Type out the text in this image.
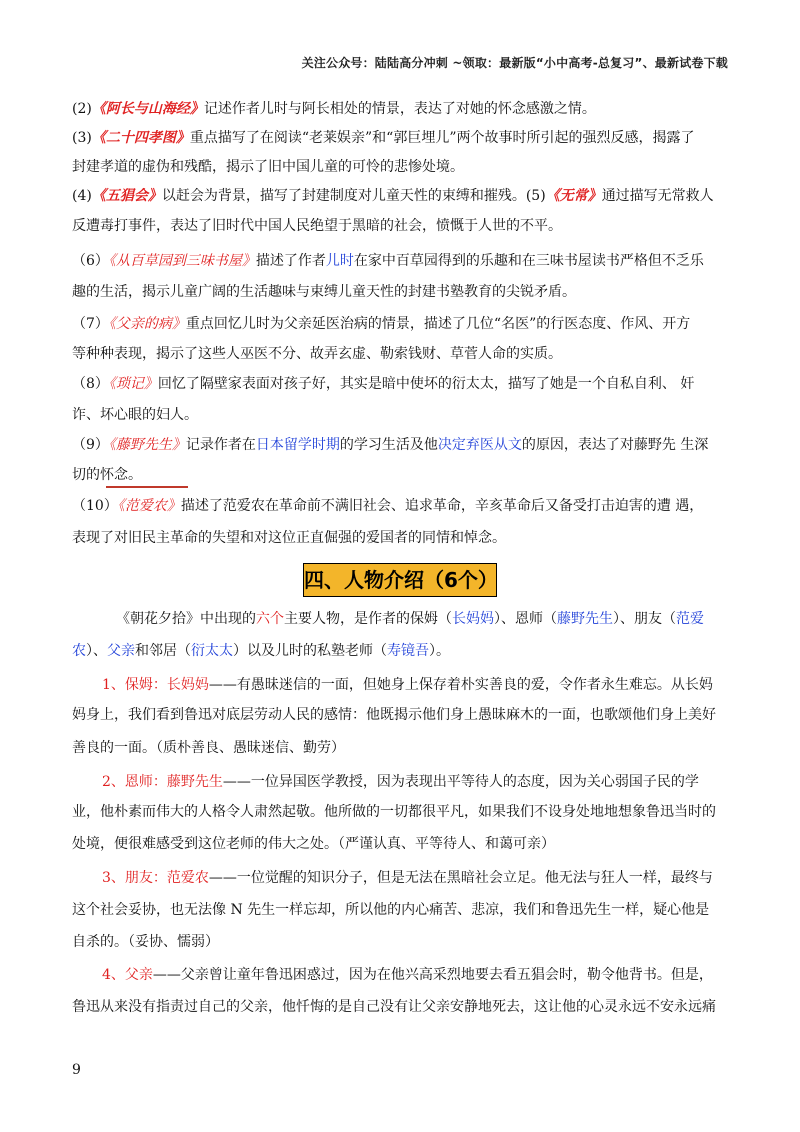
关注公众号：陆陆高分冲刺 ~领取：最新版“小中高考-总复习”、最新试卷下载
(2)《阿长与山海经》记述作者儿时与阿长相处的情景，表达了对她的怀念感激之情。
(3)《二十四孝图》重点描写了在阅读“老莱娱亲”和“郭巨埋儿”两个故事时所引起的强烈反感，揭露了
封建孝道的虚伪和残酷，揭示了旧中国儿童的可怜的悲惨处境。
(4)《五猖会》以赶会为背景，描写了封建制度对儿童天性的束缚和摧残。(5)《无常》通过描写无常救人
反遭毒打事件，表达了旧时代中国人民绝望于黑暗的社会，愤慨于人世的不平。
（6）《从百草园到三味书屋》描述了作者儿时在家中百草园得到的乐趣和在三味书屋读书严格但不乏乐
趣的生活，揭示儿童广阔的生活趣味与束缚儿童天性的封建书塾教育的尖锐矛盾。
（7）《父亲的病》重点回忆儿时为父亲延医治病的情景，描述了几位“名医”的行医态度、作风、开方
等种种表现，揭示了这些人巫医不分、故弄玄虚、勒索钱财、草菅人命的实质。
（8）《琐记》回忆了隔壁家表面对孩子好，其实是暗中使坏的衍太太，描写了她是一个自私自利、 奸
诈、坏心眼的妇人。
（9）《藤野先生》记录作者在日本留学时期的学习生活及他决定弃医从文的原因，表达了对藤野先 生深
切的怀念。
（10）《范爱农》描述了范爱农在革命前不满旧社会、追求革命，辛亥革命后又备受打击迫害的遭 遇，
表现了对旧民主革命的失望和对这位正直倔强的爱国者的同情和悼念。
四、人物介绍（6个）
《朝花夕拾》中出现的六个主要人物，是作者的保姆（长妈妈）、恩师（藤野先生）、朋友（范爱
农）、父亲和邻居（衍太太）以及儿时的私塾老师（寿镜吾）。
1、保姆：长妈妈——有愚昧迷信的一面，但她身上保存着朴实善良的爱，令作者永生难忘。从长妈
妈身上，我们看到鲁迅对底层劳动人民的感情：他既揭示他们身上愚昧麻木的一面，也歌颂他们身上美好
善良的一面。（质朴善良、愚昧迷信、勤劳）
2、恩师：藤野先生——一位异国医学教授，因为表现出平等待人的态度，因为关心弱国子民的学
业，他朴素而伟大的人格令人肃然起敬。他所做的一切都很平凡，如果我们不设身处地地想象鲁迅当时的
处境，便很难感受到这位老师的伟大之处。（严谨认真、平等待人、和蔼可亲）
3、朋友：范爱农——一位觉醒的知识分子，但是无法在黑暗社会立足。他无法与狂人一样，最终与
这个社会妥协，也无法像 N 先生一样忘却，所以他的内心痛苦、悲凉，我们和鲁迅先生一样，疑心他是
自杀的。（妥协、懦弱）
4、父亲——父亲曾让童年鲁迅困惑过，因为在他兴高采烈地要去看五猖会时，勒令他背书。但是，
鲁迅从来没有指责过自己的父亲，他忏悔的是自己没有让父亲安静地死去，这让他的心灵永远不安永远痛
9
